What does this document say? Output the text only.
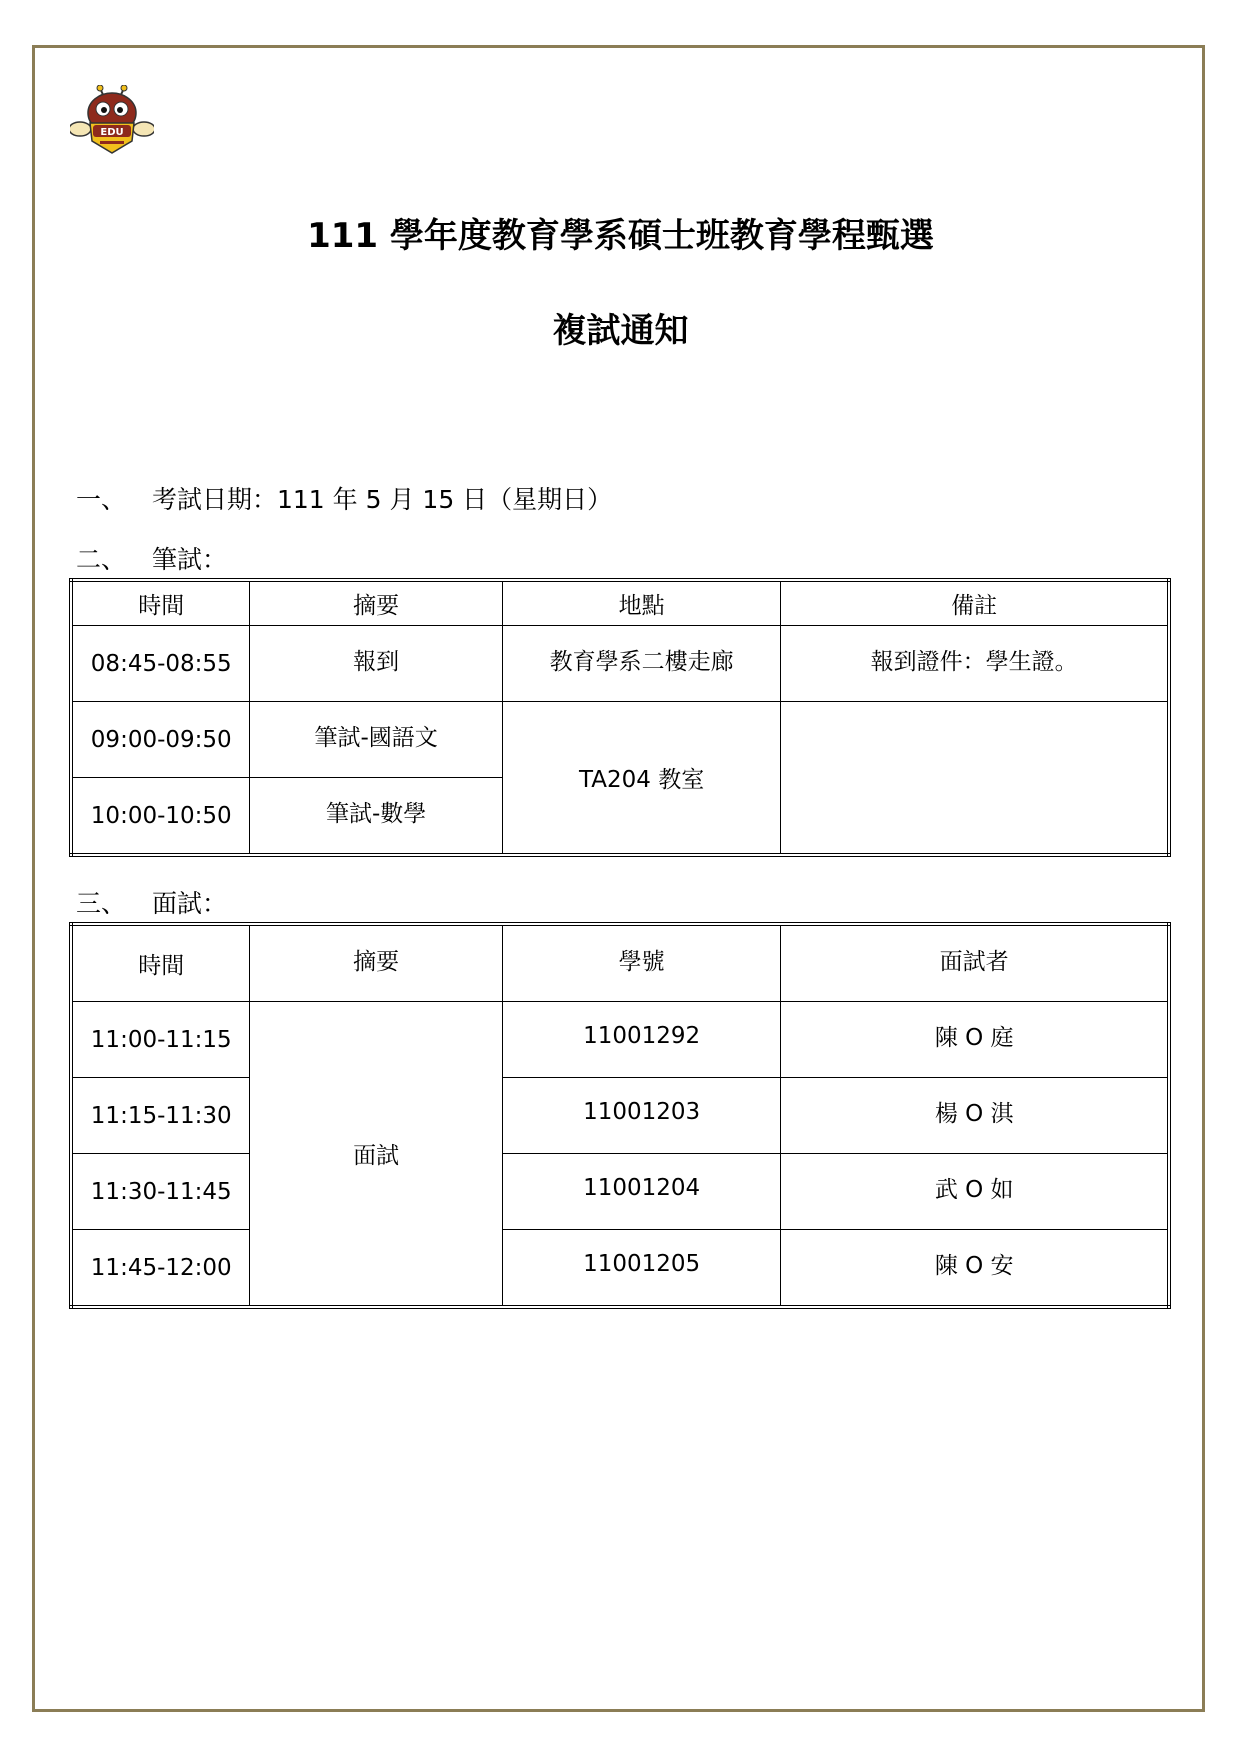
EDU
111 學年度教育學系碩士班教育學程甄選
複試通知
一、 考試日期：111 年 5 月 15 日（星期日）
二、 筆試：
時間	摘要	地點	備註
08:45-08:55	報到	教育學系二樓走廊	報到證件：學生證。
09:00-09:50	筆試-國語文	TA204 教室	
10:00-10:50	筆試-數學		
三、 面試：
時間	摘要	學號	面試者
11:00-11:15	面試	11001292	陳 O 庭
11:15-11:30		11001203	楊 O 淇
11:30-11:45		11001204	武 O 如
11:45-12:00		11001205	陳 O 安
